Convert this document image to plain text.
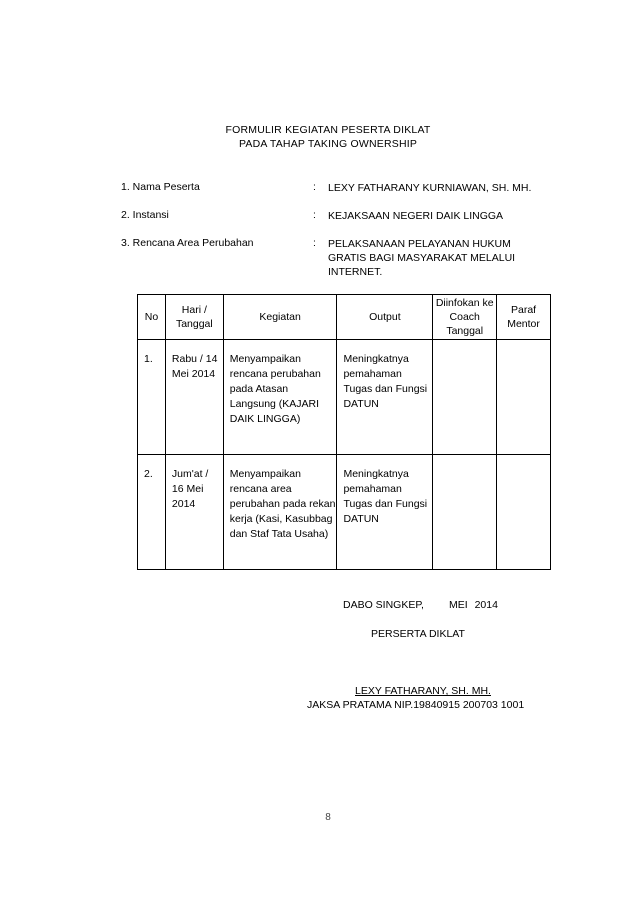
FORMULIR KEGIATAN PESERTA DIKLAT
PADA TAHAP TAKING OWNERSHIP
1. Nama Peserta	: LEXY FATHARANY KURNIAWAN, SH. MH.
2. Instansi	: KEJAKSAAN NEGERI DAIK LINGGA
3. Rencana Area Perubahan	: PELAKSANAAN PELAYANAN HUKUM GRATIS BAGI MASYARAKAT MELALUI INTERNET.
No	Hari / Tanggal	Kegiatan	Output	Diinfokan ke Coach Tanggal	Paraf Mentor

1.	Rabu / 14 Mei 2014	Menyampaikan rencana perubahan pada Atasan Langsung (KAJARI DAIK LINGGA)	Meningkatnya pemahaman Tugas dan Fungsi DATUN		

2.	Jum'at / 16 Mei 2014	Menyampaikan rencana area perubahan pada rekan kerja (Kasi, Kasubbag dan Staf Tata Usaha)	Meningkatnya pemahaman Tugas dan Fungsi DATUN		

DABO SINGKEP, MEI 2014
PERSERTA DIKLAT
LEXY FATHARANY, SH. MH.
JAKSA PRATAMA NIP.19840915 200703 1001
8
